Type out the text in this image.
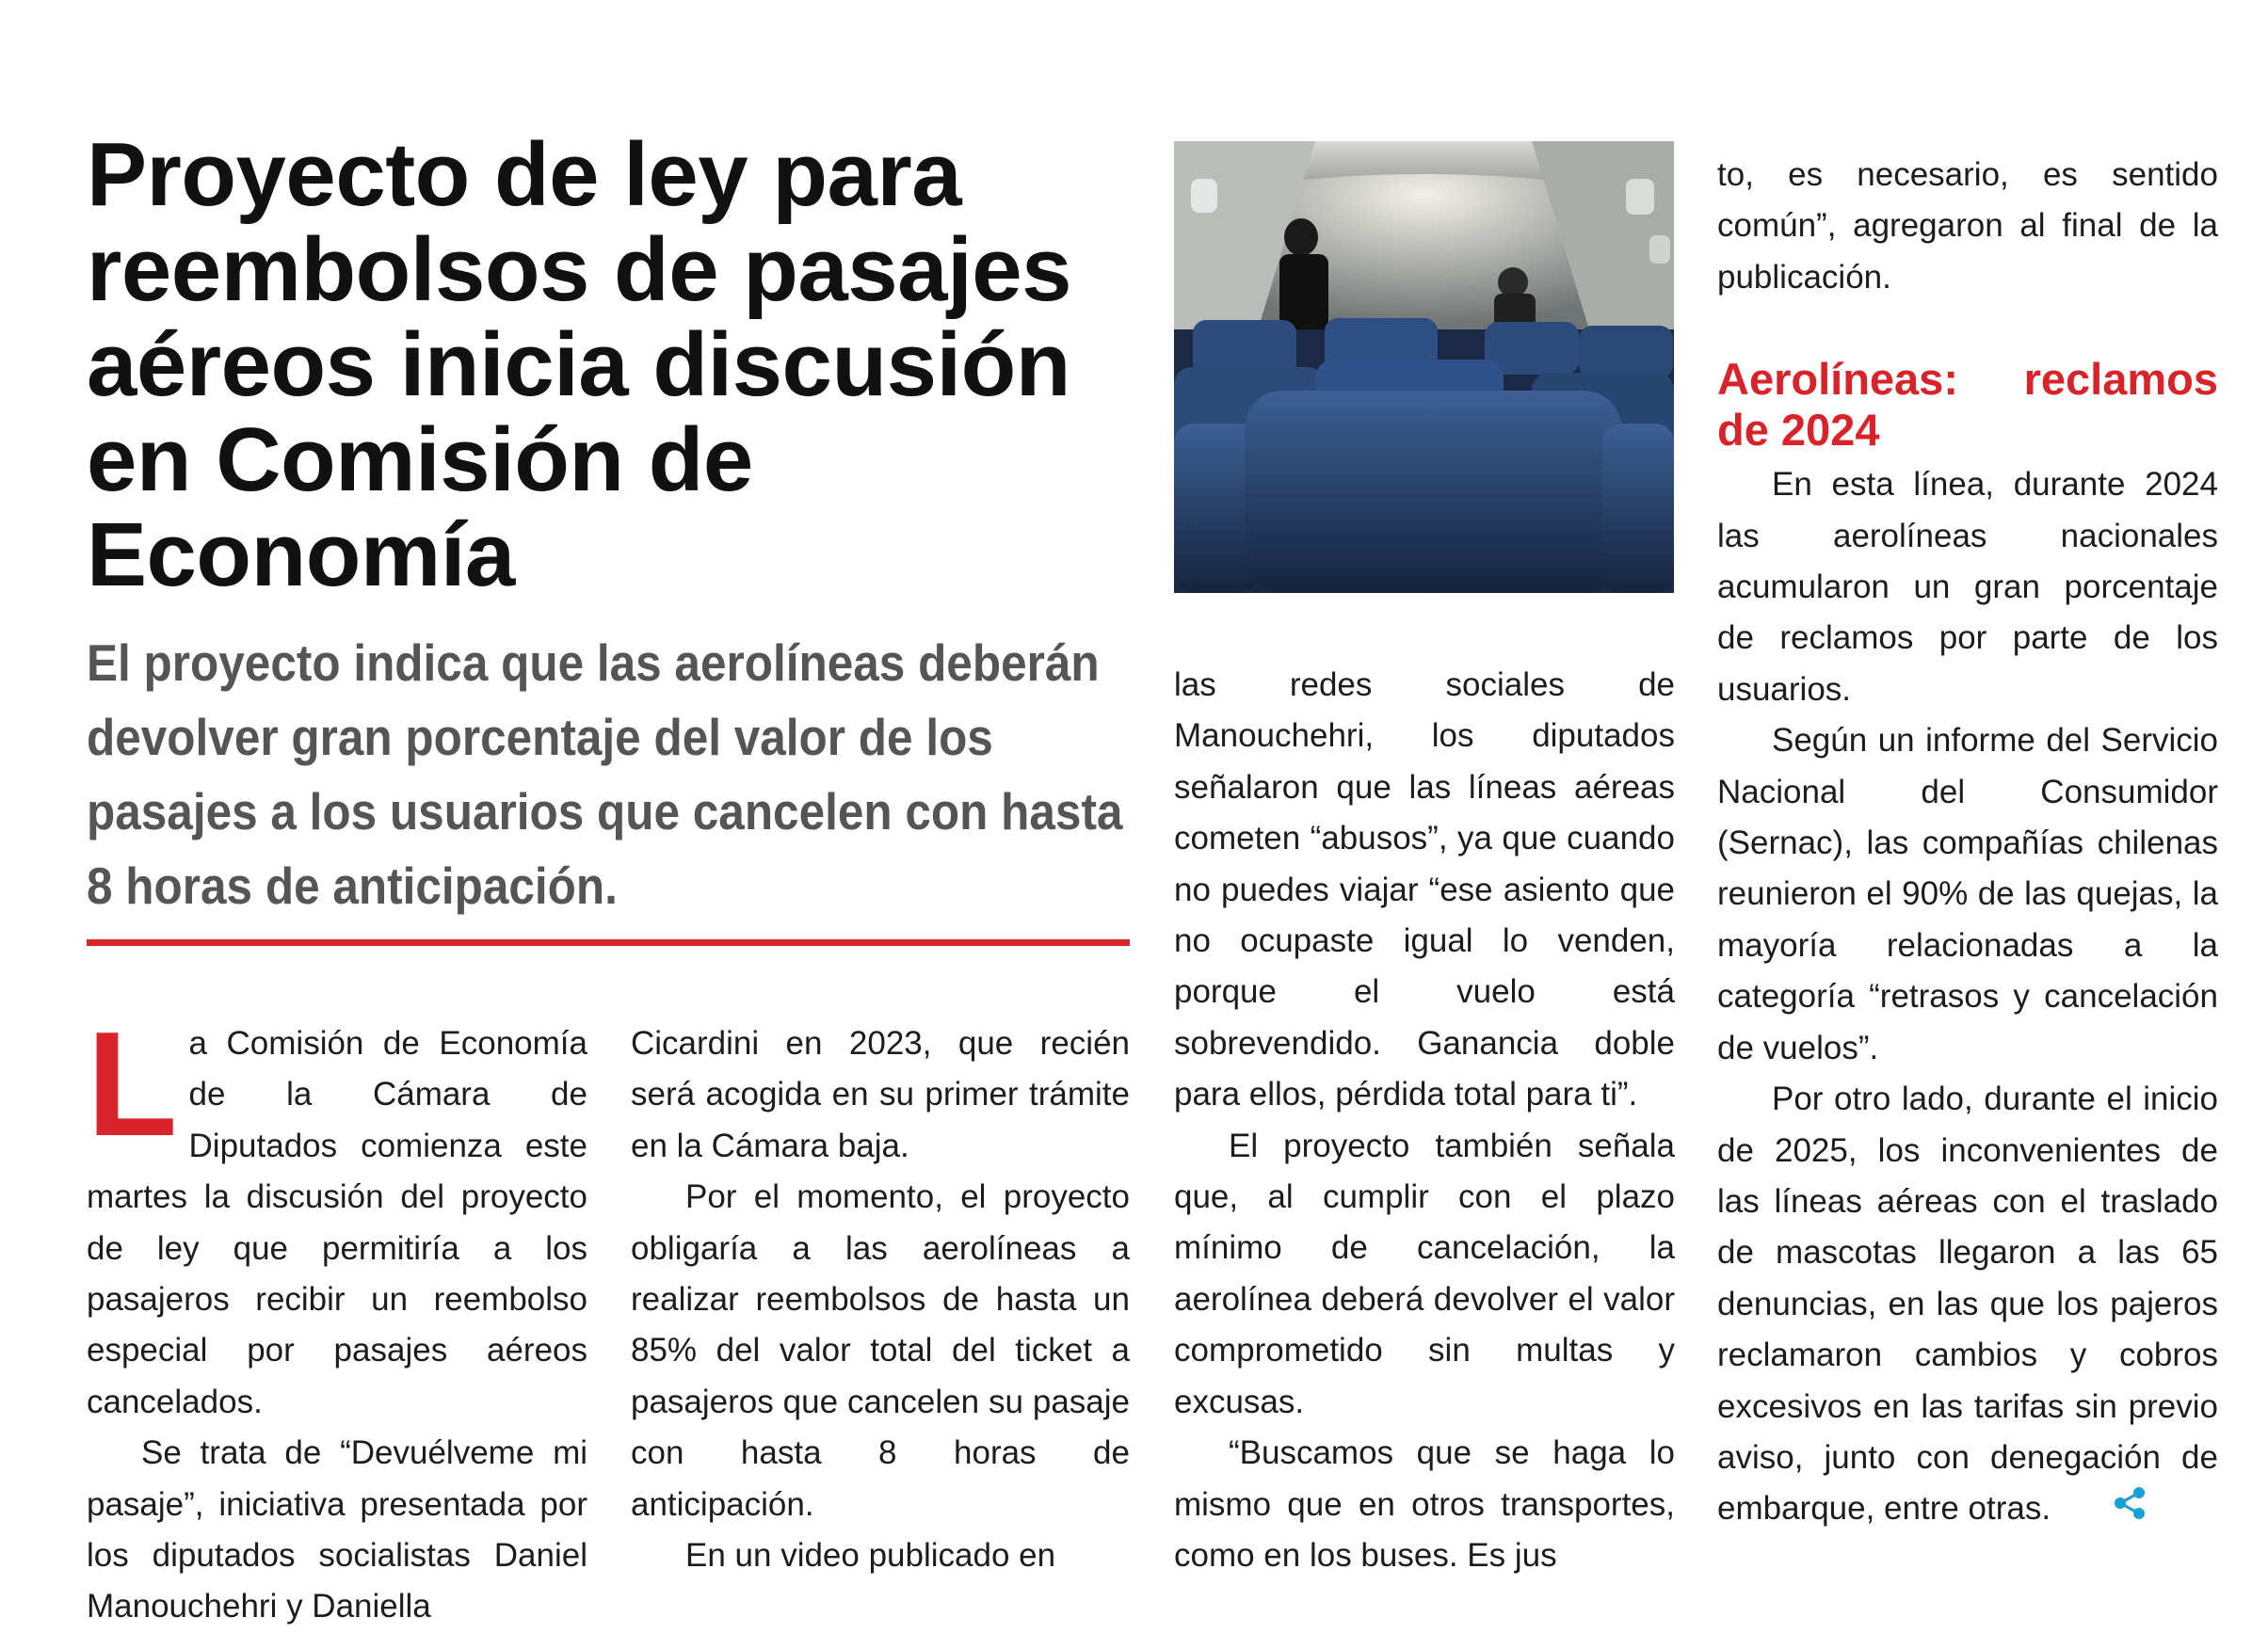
Proyecto de ley para reembolsos de pasajes aéreos inicia discusión en Comisión de Economía

El proyecto indica que las aerolíneas deberán devolver gran porcentaje del valor de los pasajes a los usuarios que cancelen con hasta 8 horas de anticipación.

L a Comisión de Economía de la Cámara de Diputados comienza este martes la discusión del proyecto de ley que permitiría a los pasajeros recibir un reembolso especial por pasajes aéreos cancelados.

Se trata de “Devuélveme mi pasaje”, iniciativa presentada por los diputados socialistas Daniel Manouchehri y Daniella

Cicardini en 2023, que recién será acogida en su primer trámite en la Cámara baja.

Por el momento, el proyecto obligaría a las aerolíneas a realizar reembolsos de hasta un 85% del valor total del ticket a pasajeros que cancelen su pasaje con hasta 8 horas de anticipación.

En un video publicado en

las redes sociales de Manouchehri, los diputados señalaron que las líneas aéreas cometen “abusos”, ya que cuando no puedes viajar “ese asiento que no ocupaste igual lo venden, porque el vuelo está sobrevendido. Ganancia doble para ellos, pérdida total para ti”.

El proyecto también señala que, al cumplir con el plazo mínimo de cancelación, la aerolínea deberá devolver el valor comprometido sin multas y excusas.

“Buscamos que se haga lo mismo que en otros transportes, como en los buses. Es jus

to, es necesario, es sentido común”, agregaron al final de la publicación.

Aerolíneas: reclamos de 2024

En esta línea, durante 2024 las aerolíneas nacionales acumularon un gran porcentaje de reclamos por parte de los usuarios.

Según un informe del Servicio Nacional del Consumidor (Sernac), las compañías chilenas reunieron el 90% de las quejas, la mayoría relacionadas a la categoría “retrasos y cancelación de vuelos”.

Por otro lado, durante el inicio de 2025, los inconvenientes de las líneas aéreas con el traslado de mascotas llegaron a las 65 denuncias, en las que los pajeros reclamaron cambios y cobros excesivos en las tarifas sin previo aviso, junto con denegación de embarque, entre otras.
